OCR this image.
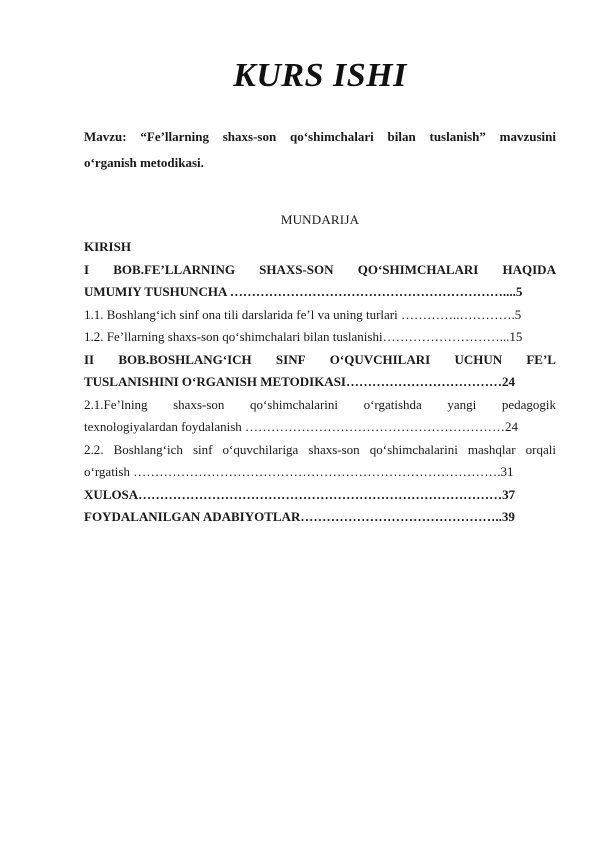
KURS ISHI
Mavzu: “Fe’llarning shaxs-son qo‘shimchalari bilan tuslanish” mavzusini
o‘rganish metodikasi.
MUNDARIJA
KIRISH
I BOB.FE’LLARNING SHAXS-SON QO‘SHIMCHALARI HAQIDA
UMUMIY TUSHUNCHA ………………………………………………………....5
1.1. Boshlang‘ich sinf ona tili darslarida fe’l va uning turlari …………..………….5
1.2. Fe’llarning shaxs-son qo‘shimchalari bilan tuslanishi………………………...15
II BOB.BOSHLANG‘ICH SINF O‘QUVCHILARI UCHUN FE’L
TUSLANISHINI O‘RGANISH METODIKASI………………………………24
2.1.Fe’lning shaxs-son qo‘shimchalarini o‘rgatishda yangi pedagogik
texnologiyalardan foydalanish ……………………………………………………24
2.2. Boshlang‘ich sinf o‘quvchilariga shaxs-son qo‘shimchalarini mashqlar orqali
o‘rgatish ………………………………………………………………………….31
XULOSA…………………………………………………………………………37
FOYDALANILGAN ADABIYOTLAR………………………………………..39
